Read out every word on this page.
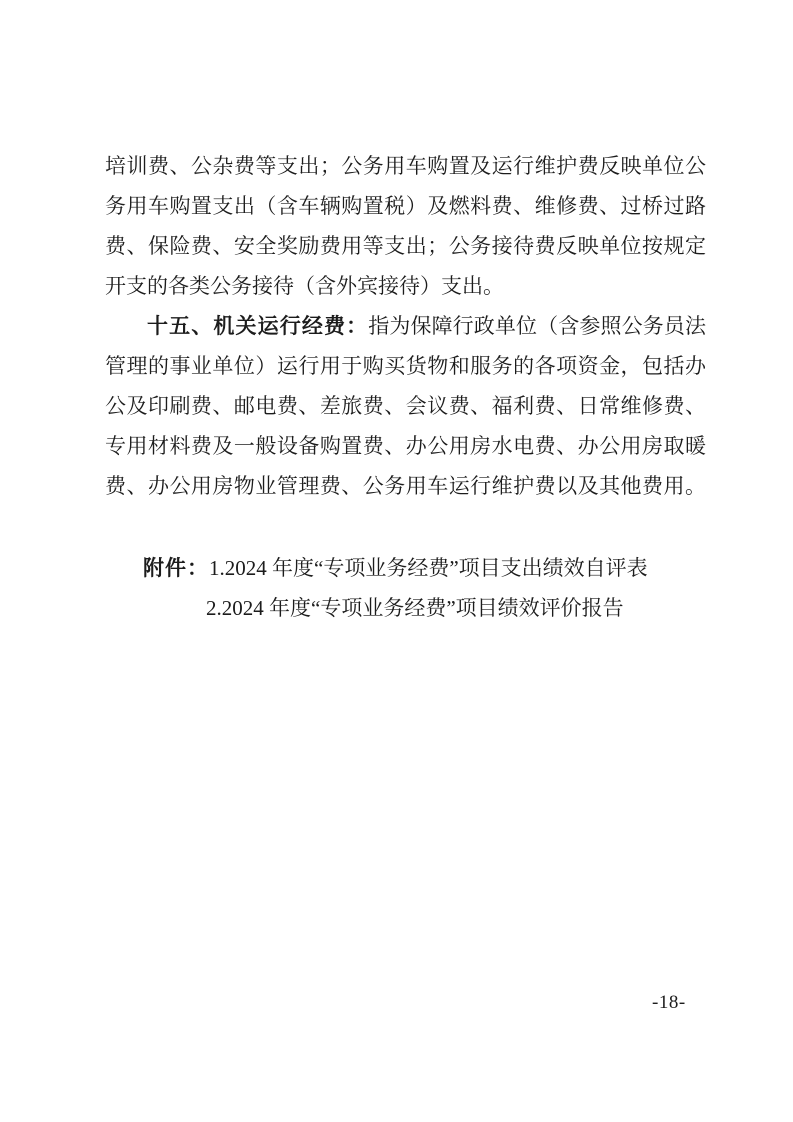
培训费、公杂费等支出；公务用车购置及运行维护费反映单位公
务用车购置支出（含车辆购置税）及燃料费、维修费、过桥过路
费、保险费、安全奖励费用等支出；公务接待费反映单位按规定
开支的各类公务接待（含外宾接待）支出。
十五、机关运行经费：指为保障行政单位（含参照公务员法
管理的事业单位）运行用于购买货物和服务的各项资金，包括办
公及印刷费、邮电费、差旅费、会议费、福利费、日常维修费、
专用材料费及一般设备购置费、办公用房水电费、办公用房取暖
费、办公用房物业管理费、公务用车运行维护费以及其他费用。
附件：1.2024 年度“专项业务经费”项目支出绩效自评表
2.2024 年度“专项业务经费”项目绩效评价报告
-18-
